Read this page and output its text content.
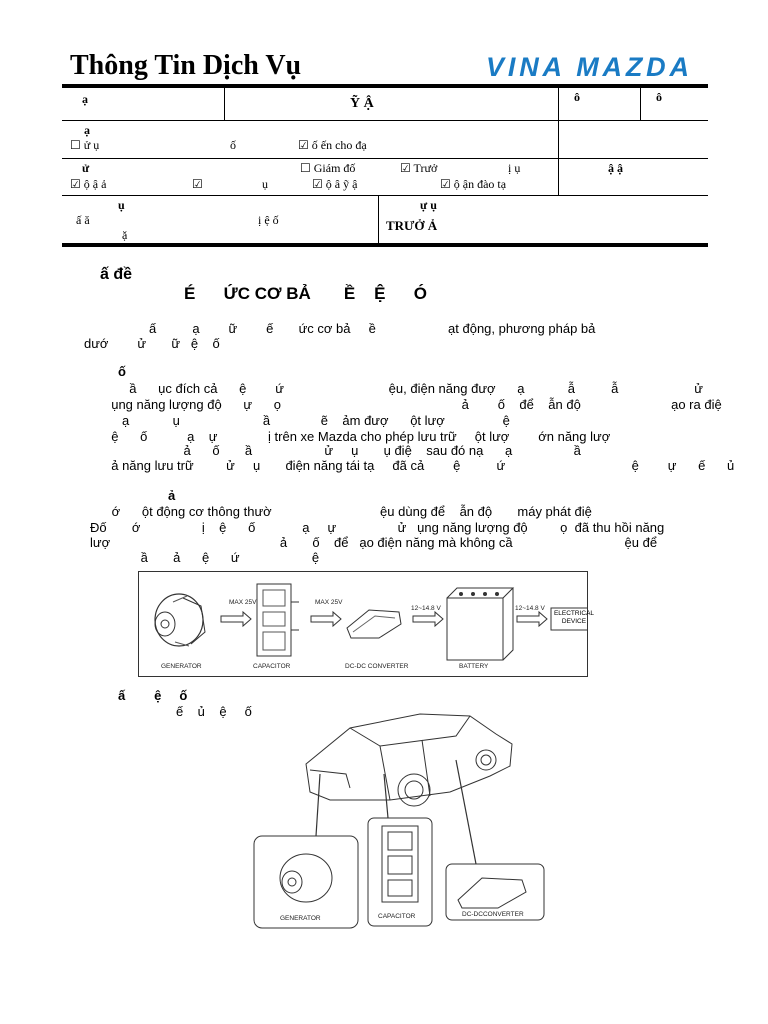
Thông Tin Dịch Vụ	VINA MAZDA
ạ	Ỹ Ậ	ô	ô
ạ
☐ ử ụ	ố	☑ ố ến cho đạ
ử	☐ Giám đố	☑ Trưở	ị ụ	ậ ậ
☑ ộ ậ ả	☑	ụ	☑ ộ â ỹ ậ	☑ ộ ận đào tạ
ụ
ấ ă	ị ệ ố
ặ
ự ụ
TRƯỞ Ả
ấ đề
É      ỨC CƠ BẢ       Ề    Ệ      Ó
ấ          ạ        ữ        ế       ức cơ bả     ề                    ạt động, phương pháp bả
dướ        ử       ữ   ệ    ố
ố
ầ      ục đích cả      ệ        ứ                             ệu, điện năng đượ      ạ            ẫ          ẫ                     ử
ụng năng lượng độ      ự      ọ                                                  ả        ố    để    ẫn độ                         ạo ra điệ
ạ            ụ                       ầ              ẽ    ảm đượ      ột lượ                ệ
ệ      ố           ạ    ự              ị trên xe Mazda cho phép lưu trữ     ột lượ        ớn năng lượ
ả      ố       ầ                    ử     ụ       ụ điệ    sau đó nạ      ạ                 ầ
ả năng lưu trữ         ử     ụ       điện năng tái tạ     đã cả        ệ          ứ                                   ệ        ự      ế      ủ
ả
ớ      ột động cơ thông thườ                              ệu dùng để    ẫn độ       máy phát điệ
Đố       ớ                 ị    ệ      ố             ạ     ự                 ử   ụng năng lượng độ         ọ  đã thu hồi năng
lượ                                               ả       ố    để   ạo điện năng mà không cầ                               ệu để
ầ       ả      ệ      ứ                    ệ
MAX 25V	MAX 25V
12~14.8 V	12~14.8 V
GENERATOR	CAPACITOR	DC-DC CONVERTER	BATTERY
ELECTRICAL DEVICE
ấ        ệ     ố
ế    ủ    ệ     ố
GENERATOR	CAPACITOR	DC-DCCONVERTER
